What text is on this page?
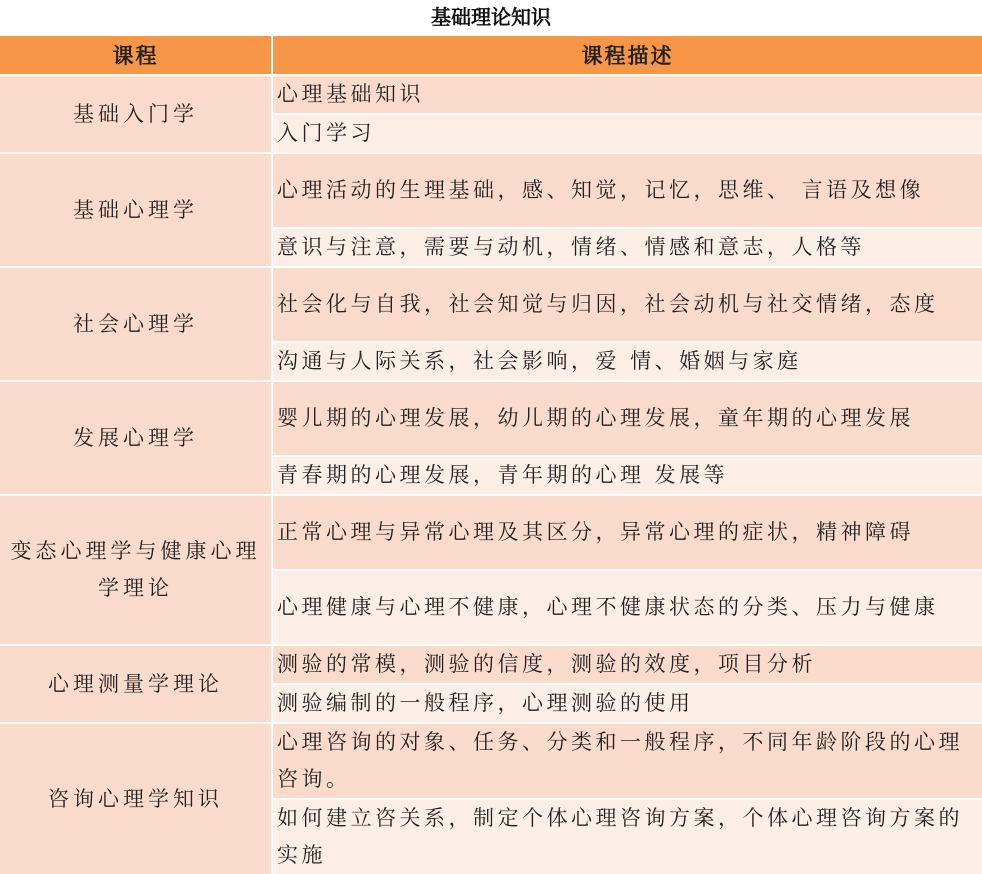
基础理论知识
课程	课程描述
基础入门学	心理基础知识
	入门学习
基础心理学	心理活动的生理基础，感、知觉，记忆，思维、 言语及想像
	意识与注意，需要与动机，情绪、情感和意志，人格等
社会心理学	社会化与自我，社会知觉与归因，社会动机与社交情绪，态度
	沟通与人际关系，社会影响，爱 情、婚姻与家庭
发展心理学	婴儿期的心理发展，幼儿期的心理发展，童年期的心理发展
	青春期的心理发展，青年期的心理 发展等
变态心理学与健康心理学理论	正常心理与异常心理及其区分，异常心理的症状，精神障碍
	心理健康与心理不健康，心理不健康状态的分类、压力与健康
心理测量学理论	测验的常模，测验的信度，测验的效度，项目分析
	测验编制的一般程序，心理测验的使用
咨询心理学知识	心理咨询的对象、任务、分类和一般程序，不同年龄阶段的心理咨询。
	如何建立咨关系，制定个体心理咨询方案，个体心理咨询方案的实施
